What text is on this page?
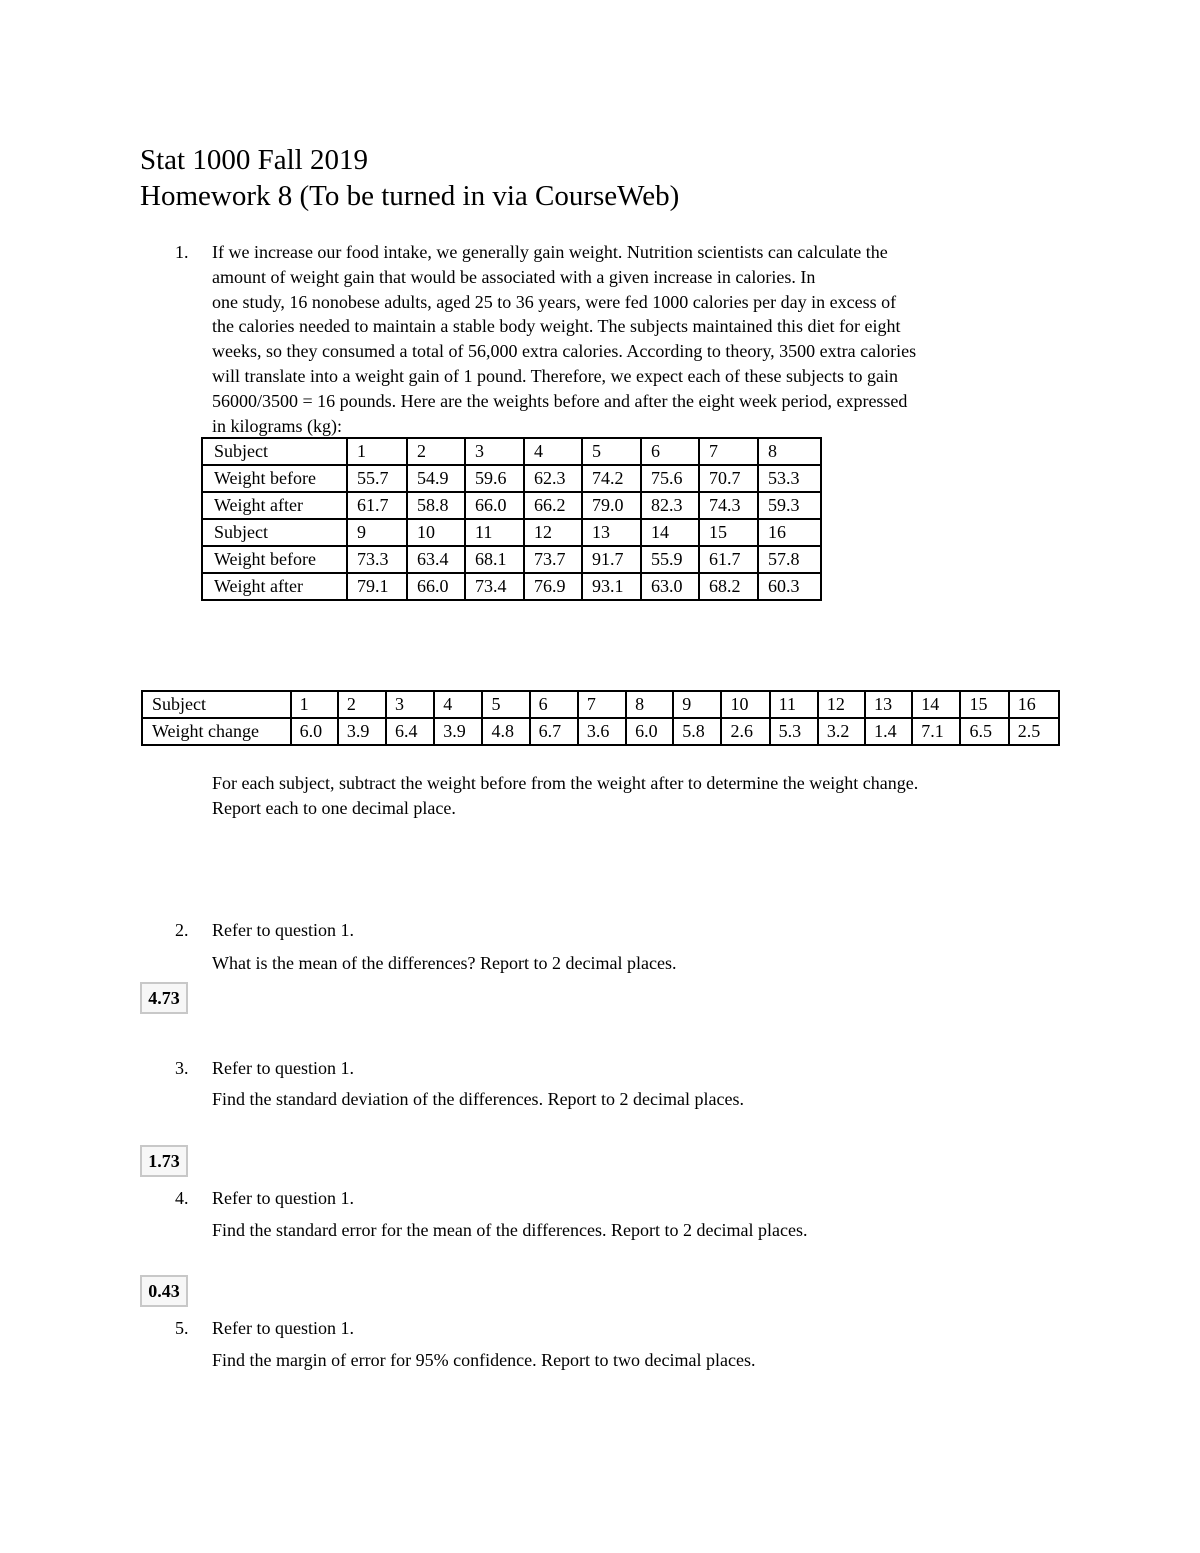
Stat 1000 Fall 2019
Homework 8 (To be turned in via CourseWeb)
1. If we increase our food intake, we generally gain weight. Nutrition scientists can calculate the
amount of weight gain that would be associated with a given increase in calories. In
one study, 16 nonobese adults, aged 25 to 36 years, were fed 1000 calories per day in excess of
the calories needed to maintain a stable body weight. The subjects maintained this diet for eight
weeks, so they consumed a total of 56,000 extra calories. According to theory, 3500 extra calories
will translate into a weight gain of 1 pound. Therefore, we expect each of these subjects to gain
56000/3500 = 16 pounds. Here are the weights before and after the eight week period, expressed
in kilograms (kg):
Subject	1	2	3	4	5	6	7	8
Weight before	55.7	54.9	59.6	62.3	74.2	75.6	70.7	53.3
Weight after	61.7	58.8	66.0	66.2	79.0	82.3	74.3	59.3
Subject	9	10	11	12	13	14	15	16
Weight before	73.3	63.4	68.1	73.7	91.7	55.9	61.7	57.8
Weight after	79.1	66.0	73.4	76.9	93.1	63.0	68.2	60.3
Subject	1	2	3	4	5	6	7	8	9	10	11	12	13	14	15	16
Weight change	6.0	3.9	6.4	3.9	4.8	6.7	3.6	6.0	5.8	2.6	5.3	3.2	1.4	7.1	6.5	2.5
For each subject, subtract the weight before from the weight after to determine the weight change.
Report each to one decimal place.
2. Refer to question 1.
What is the mean of the differences? Report to 2 decimal places.
4.73
3. Refer to question 1.
Find the standard deviation of the differences. Report to 2 decimal places.
1.73
4. Refer to question 1.
Find the standard error for the mean of the differences. Report to 2 decimal places.
0.43
5. Refer to question 1.
Find the margin of error for 95% confidence. Report to two decimal places.
